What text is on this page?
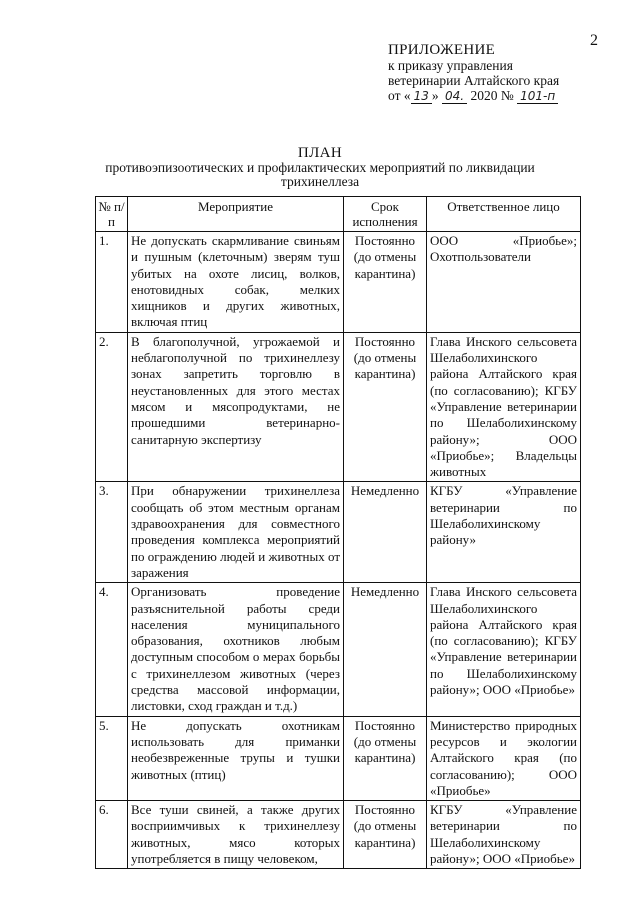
2
ПРИЛОЖЕНИЕ
к приказу управления
ветеринарии Алтайского края
от « 13 » 04. 2020 № 101-п
ПЛАН
противоэпизоотических и профилактических мероприятий по ликвидации трихинеллеза
№ п/п	Мероприятие	Срок исполнения	Ответственное лицо
1.	Не допускать скармливание свиньям и пушным (клеточным) зверям туш убитых на охоте лисиц, волков, енотовидных собак, мелких хищников и других животных, включая птиц	Постоянно (до отмены карантина)	ООО «Приобье»; Охотпользователи
2.	В благополучной, угрожаемой и неблагополучной по трихинеллезу зонах запретить торговлю в неустановленных для этого местах мясом и мясопродуктами, не прошедшими ветеринарно-санитарную экспертизу	Постоянно (до отмены карантина)	Глава Инского сельсовета Шелаболихинского района Алтайского края (по согласованию); КГБУ «Управление ветеринарии по Шелаболихинскому району»; ООО «Приобье»; Владельцы животных
3.	При обнаружении трихинеллеза сообщать об этом местным органам здравоохранения для совместного проведения комплекса мероприятий по ограждению людей и животных от заражения	Немедленно	КГБУ «Управление ветеринарии по Шелаболихинскому району»
4.	Организовать проведение разъяснительной работы среди населения муниципального образования, охотников любым доступным способом о мерах борьбы с трихинеллезом животных (через средства массовой информации, листовки, сход граждан и т.д.)	Немедленно	Глава Инского сельсовета Шелаболихинского района Алтайского края (по согласованию); КГБУ «Управление ветеринарии по Шелаболихинскому району»; ООО «Приобье»
5.	Не допускать охотникам использовать для приманки необезвреженные трупы и тушки животных (птиц)	Постоянно (до отмены карантина)	Министерство природных ресурсов и экологии Алтайского края (по согласованию); ООО «Приобье»
6.	Все туши свиней, а также других восприимчивых к трихинеллезу животных, мясо которых употребляется в пищу человеком,	Постоянно (до отмены карантина)	КГБУ «Управление ветеринарии по Шелаболихинскому району»; ООО «Приобье»
